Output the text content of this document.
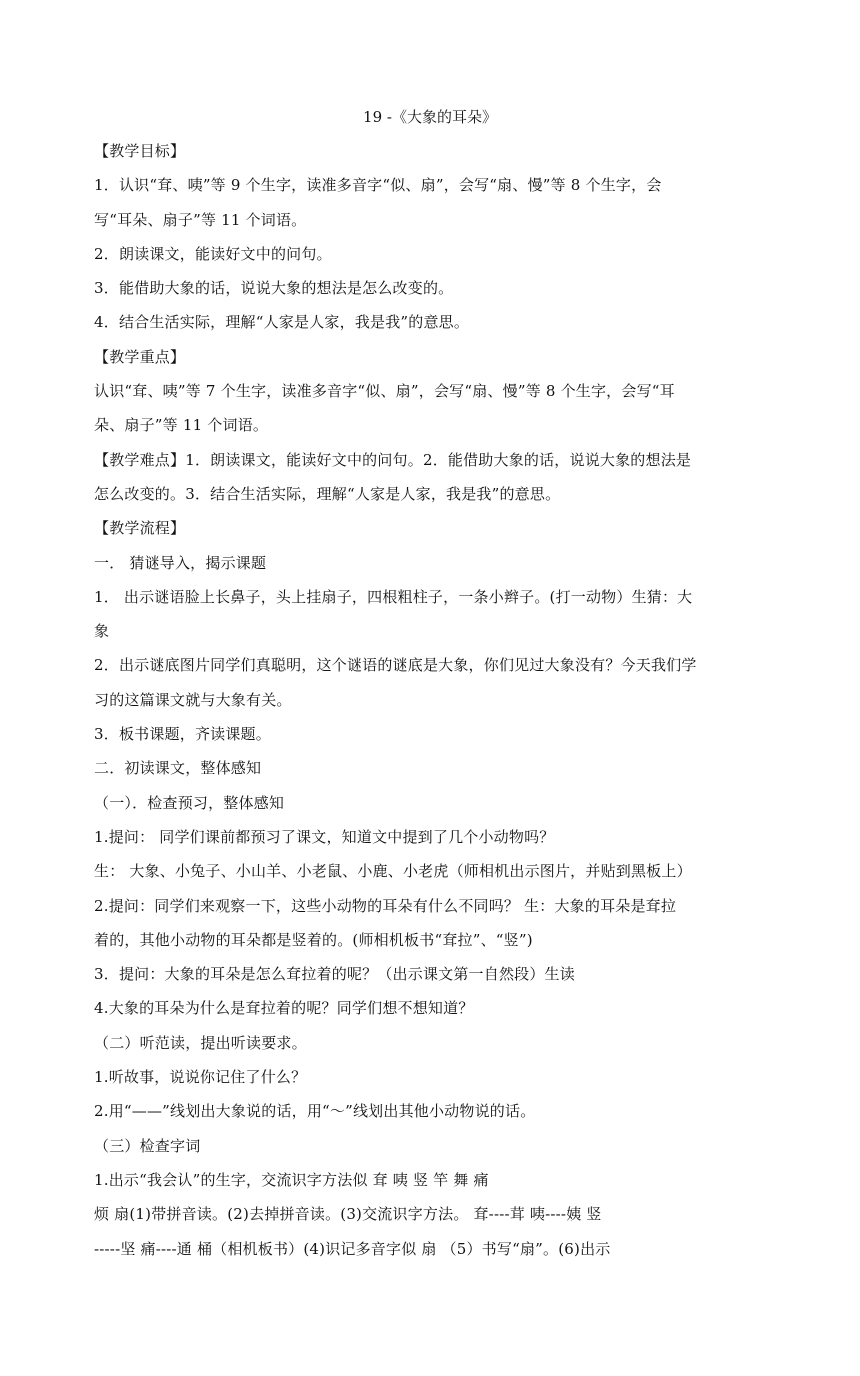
19 -《大象的耳朵》
【教学目标】
1．认识“耷、咦”等 9 个生字，读准多音字“似、扇”，会写“扇、慢”等 8 个生字，会
写“耳朵、扇子”等 11 个词语。
2．朗读课文，能读好文中的问句。
3．能借助大象的话，说说大象的想法是怎么改变的。
4．结合生活实际，理解“人家是人家，我是我”的意思。
【教学重点】
认识“耷、咦”等 7 个生字，读准多音字“似、扇”，会写“扇、慢”等 8 个生字，会写“耳
朵、扇子”等 11 个词语。
【教学难点】1．朗读课文，能读好文中的问句。2．能借助大象的话，说说大象的想法是
怎么改变的。3．结合生活实际，理解“人家是人家，我是我”的意思。
【教学流程】
一． 猜谜导入，揭示课题
1． 出示谜语脸上长鼻子，头上挂扇子，四根粗柱子，一条小辫子。(打一动物）生猜：大
象
2．出示谜底图片同学们真聪明，这个谜语的谜底是大象，你们见过大象没有？今天我们学
习的这篇课文就与大象有关。
3．板书课题，齐读课题。
二．初读课文，整体感知
（一）．检查预习，整体感知
1.提问： 同学们课前都预习了课文，知道文中提到了几个小动物吗？
生： 大象、小兔子、小山羊、小老鼠、小鹿、小老虎（师相机出示图片，并贴到黑板上）
2.提问：同学们来观察一下，这些小动物的耳朵有什么不同吗？ 生：大象的耳朵是耷拉
着的，其他小动物的耳朵都是竖着的。(师相机板书“耷拉”、“竖”)
3．提问：大象的耳朵是怎么耷拉着的呢？（出示课文第一自然段）生读
4.大象的耳朵为什么是耷拉着的呢？同学们想不想知道？
（二）听范读，提出听读要求。
1.听故事，说说你记住了什么？
2.用“——”线划出大象说的话，用“～”线划出其他小动物说的话。
（三）检查字词
1.出示“我会认”的生字，交流识字方法似 耷 咦 竖 竿 舞 痛
烦 扇(1)带拼音读。(2)去掉拼音读。(3)交流识字方法。 耷----茸 咦----姨 竖
-----坚 痛----通 桶（相机板书）(4)识记多音字似 扇 （5）书写“扇”。(6)出示
